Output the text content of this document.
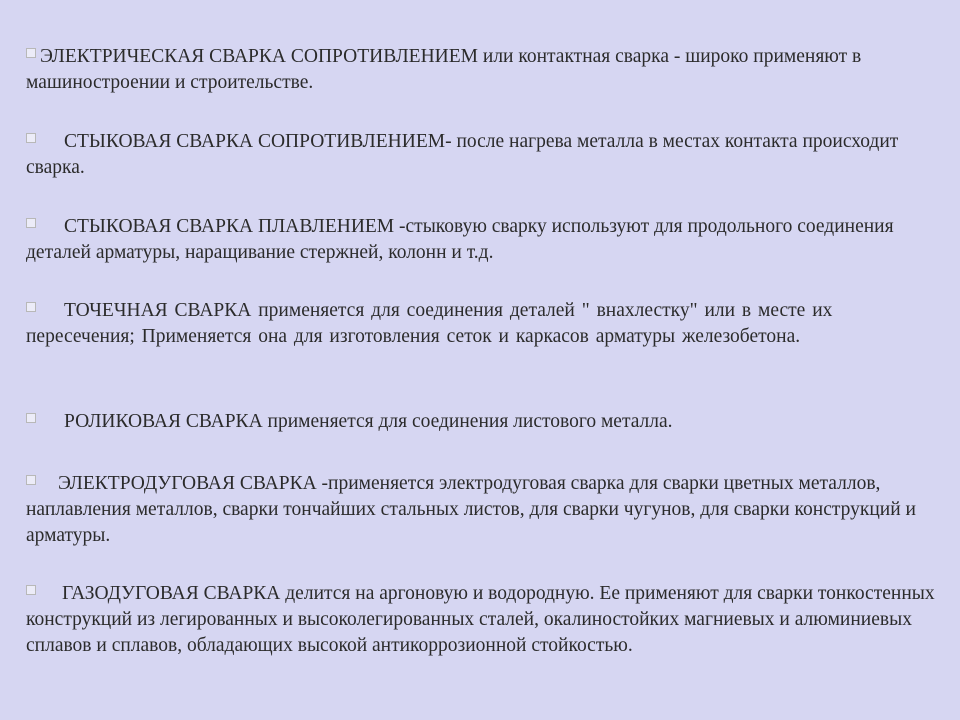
ЭЛЕКТРИЧЕСКАЯ СВАРКА СОПРОТИВЛЕНИЕМ или контактная сварка - широко применяют в машиностроении и строительстве.
СТЫКОВАЯ СВАРКА СОПРОТИВЛЕНИЕМ- после нагрева металла в местах контакта происходит сварка.
СТЫКОВАЯ СВАРКА ПЛАВЛЕНИЕМ -стыковую сварку используют для продольного соединения деталей арматуры, наращивание стержней, колонн и т.д.
ТОЧЕЧНАЯ СВАРКА применяется для соединения деталей " внахлестку" или в месте их пересечения; Применяется она для изготовления сеток и каркасов арматуры железобетона.
РОЛИКОВАЯ СВАРКА применяется для соединения листового металла.
ЭЛЕКТРОДУГОВАЯ СВАРКА -применяется электродуговая сварка для сварки цветных металлов, наплавления металлов, сварки тончайших стальных листов, для сварки чугунов, для сварки конструкций и арматуры.
ГАЗОДУГОВАЯ СВАРКА делится на аргоновую и водородную. Ее применяют для сварки тонкостенных конструкций из легированных и высоколегированных сталей, окалиностойких магниевых и алюминиевых сплавов и сплавов, обладающих высокой антикоррозионной стойкостью.
